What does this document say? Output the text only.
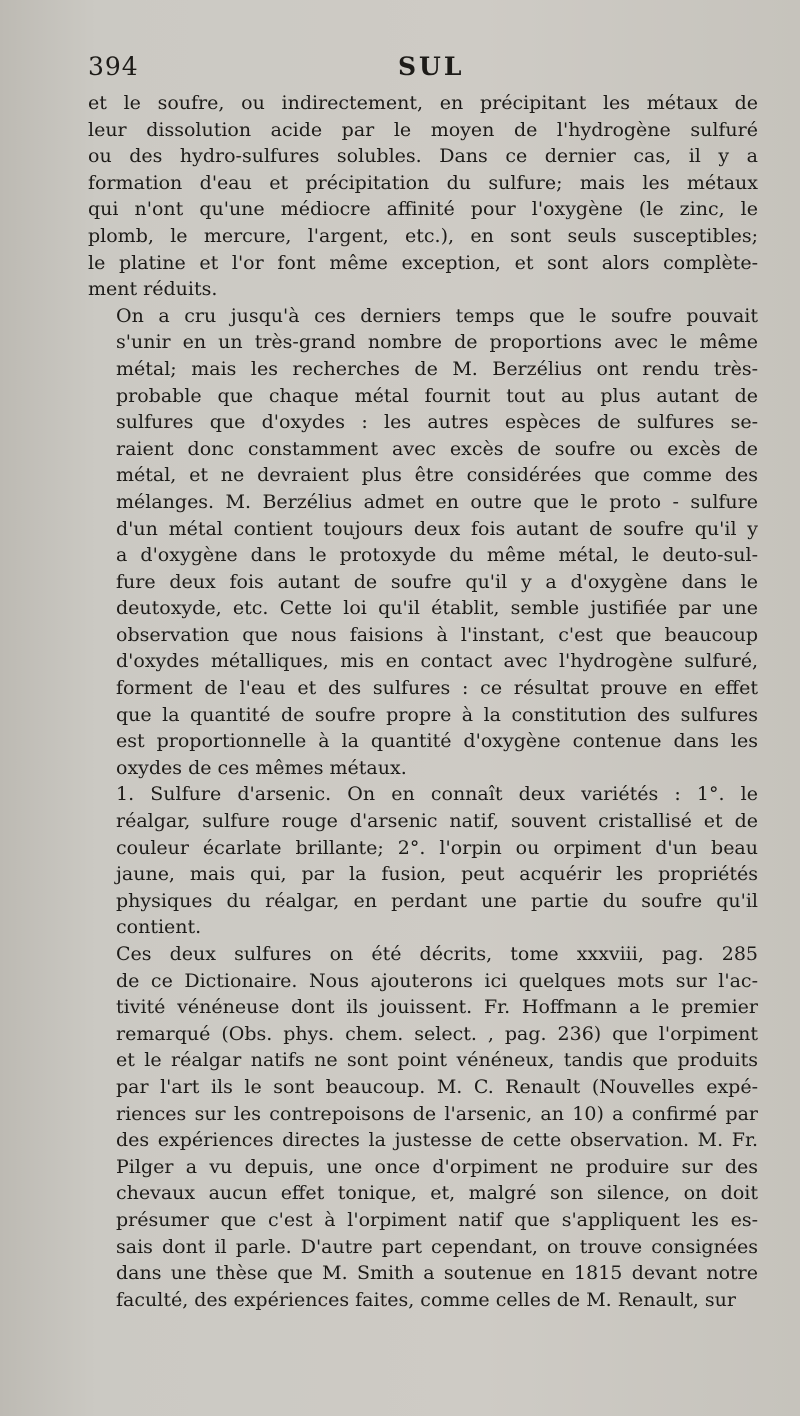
394	SUL

et le soufre, ou indirectement, en précipitant les métaux de
leur dissolution acide par le moyen de l'hydrogène sulfuré
ou des hydro-sulfures solubles. Dans ce dernier cas, il y a
formation d'eau et précipitation du sulfure; mais les métaux
qui n'ont qu'une médiocre affinité pour l'oxygène (le zinc, le
plomb, le mercure, l'argent, etc.), en sont seuls susceptibles;
le platine et l'or font même exception, et sont alors complète-
ment réduits.

On a cru jusqu'à ces derniers temps que le soufre pouvait
s'unir en un très-grand nombre de proportions avec le même
métal; mais les recherches de M. Berzélius ont rendu très-
probable que chaque métal fournit tout au plus autant de
sulfures que d'oxydes : les autres espèces de sulfures se-
raient donc constamment avec excès de soufre ou excès de
métal, et ne devraient plus être considérées que comme des
mélanges. M. Berzélius admet en outre que le proto - sulfure
d'un métal contient toujours deux fois autant de soufre qu'il y
a d'oxygène dans le protoxyde du même métal, le deuto-sul-
fure deux fois autant de soufre qu'il y a d'oxygène dans le
deutoxyde, etc. Cette loi qu'il établit, semble justifiée par une
observation que nous faisions à l'instant, c'est que beaucoup
d'oxydes métalliques, mis en contact avec l'hydrogène sulfuré,
forment de l'eau et des sulfures : ce résultat prouve en effet
que la quantité de soufre propre à la constitution des sulfures
est proportionnelle à la quantité d'oxygène contenue dans les
oxydes de ces mêmes métaux.

1. Sulfure d'arsenic. On en connaît deux variétés : 1°. le
réalgar, sulfure rouge d'arsenic natif, souvent cristallisé et de
couleur écarlate brillante; 2°. l'orpin ou orpiment d'un beau
jaune, mais qui, par la fusion, peut acquérir les propriétés
physiques du réalgar, en perdant une partie du soufre qu'il
contient.

Ces deux sulfures on été décrits, tome xxxviii, pag. 285
de ce Dictionaire. Nous ajouterons ici quelques mots sur l'ac-
tivité vénéneuse dont ils jouissent. Fr. Hoffmann a le premier
remarqué (Obs. phys. chem. select. , pag. 236) que l'orpiment
et le réalgar natifs ne sont point vénéneux, tandis que produits
par l'art ils le sont beaucoup. M. C. Renault (Nouvelles expé-
riences sur les contrepoisons de l'arsenic, an 10) a confirmé par
des expériences directes la justesse de cette observation. M. Fr.
Pilger a vu depuis, une once d'orpiment ne produire sur des
chevaux aucun effet tonique, et, malgré son silence, on doit
présumer que c'est à l'orpiment natif que s'appliquent les es-
sais dont il parle. D'autre part cependant, on trouve consignées
dans une thèse que M. Smith a soutenue en 1815 devant notre
faculté, des expériences faites, comme celles de M. Renault, sur
